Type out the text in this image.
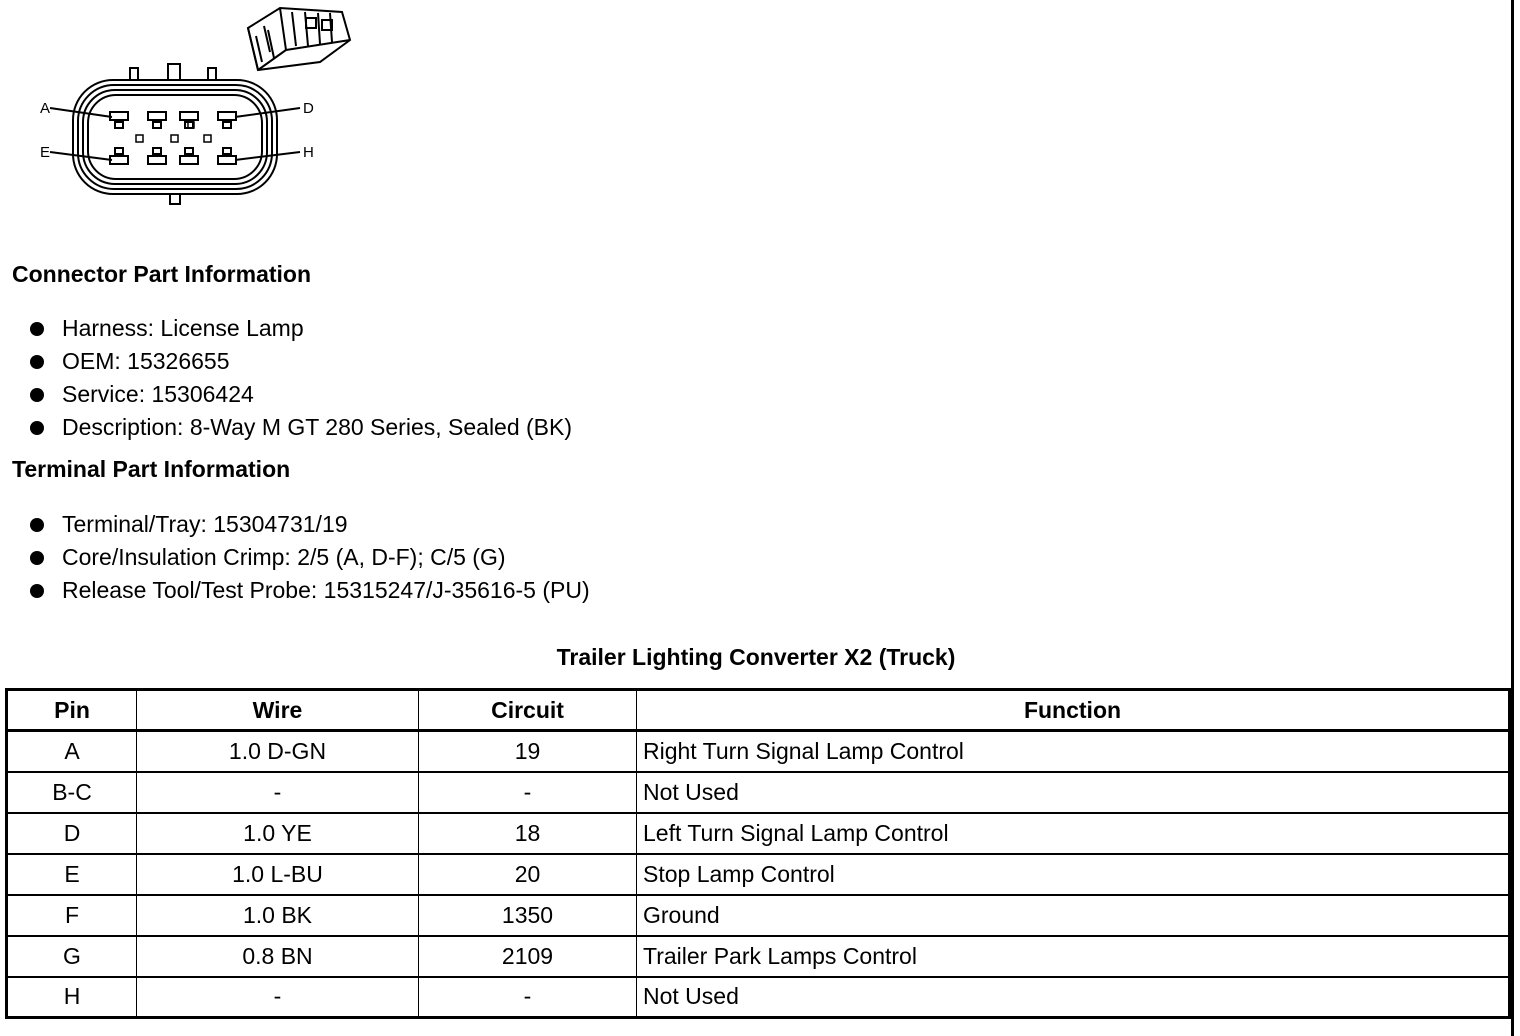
A
E
D
H
Connector Part Information
Harness: License Lamp
OEM: 15326655
Service: 15306424
Description: 8-Way M GT 280 Series, Sealed (BK)
Terminal Part Information
Terminal/Tray: 15304731/19
Core/Insulation Crimp: 2/5 (A, D-F); C/5 (G)
Release Tool/Test Probe: 15315247/J-35616-5 (PU)
Trailer Lighting Converter X2 (Truck)
Pin	Wire	Circuit	Function
A	1.0 D-GN	19	Right Turn Signal Lamp Control
B-C	-	-	Not Used
D	1.0 YE	18	Left Turn Signal Lamp Control
E	1.0 L-BU	20	Stop Lamp Control
F	1.0 BK	1350	Ground
G	0.8 BN	2109	Trailer Park Lamps Control
H	-	-	Not Used
